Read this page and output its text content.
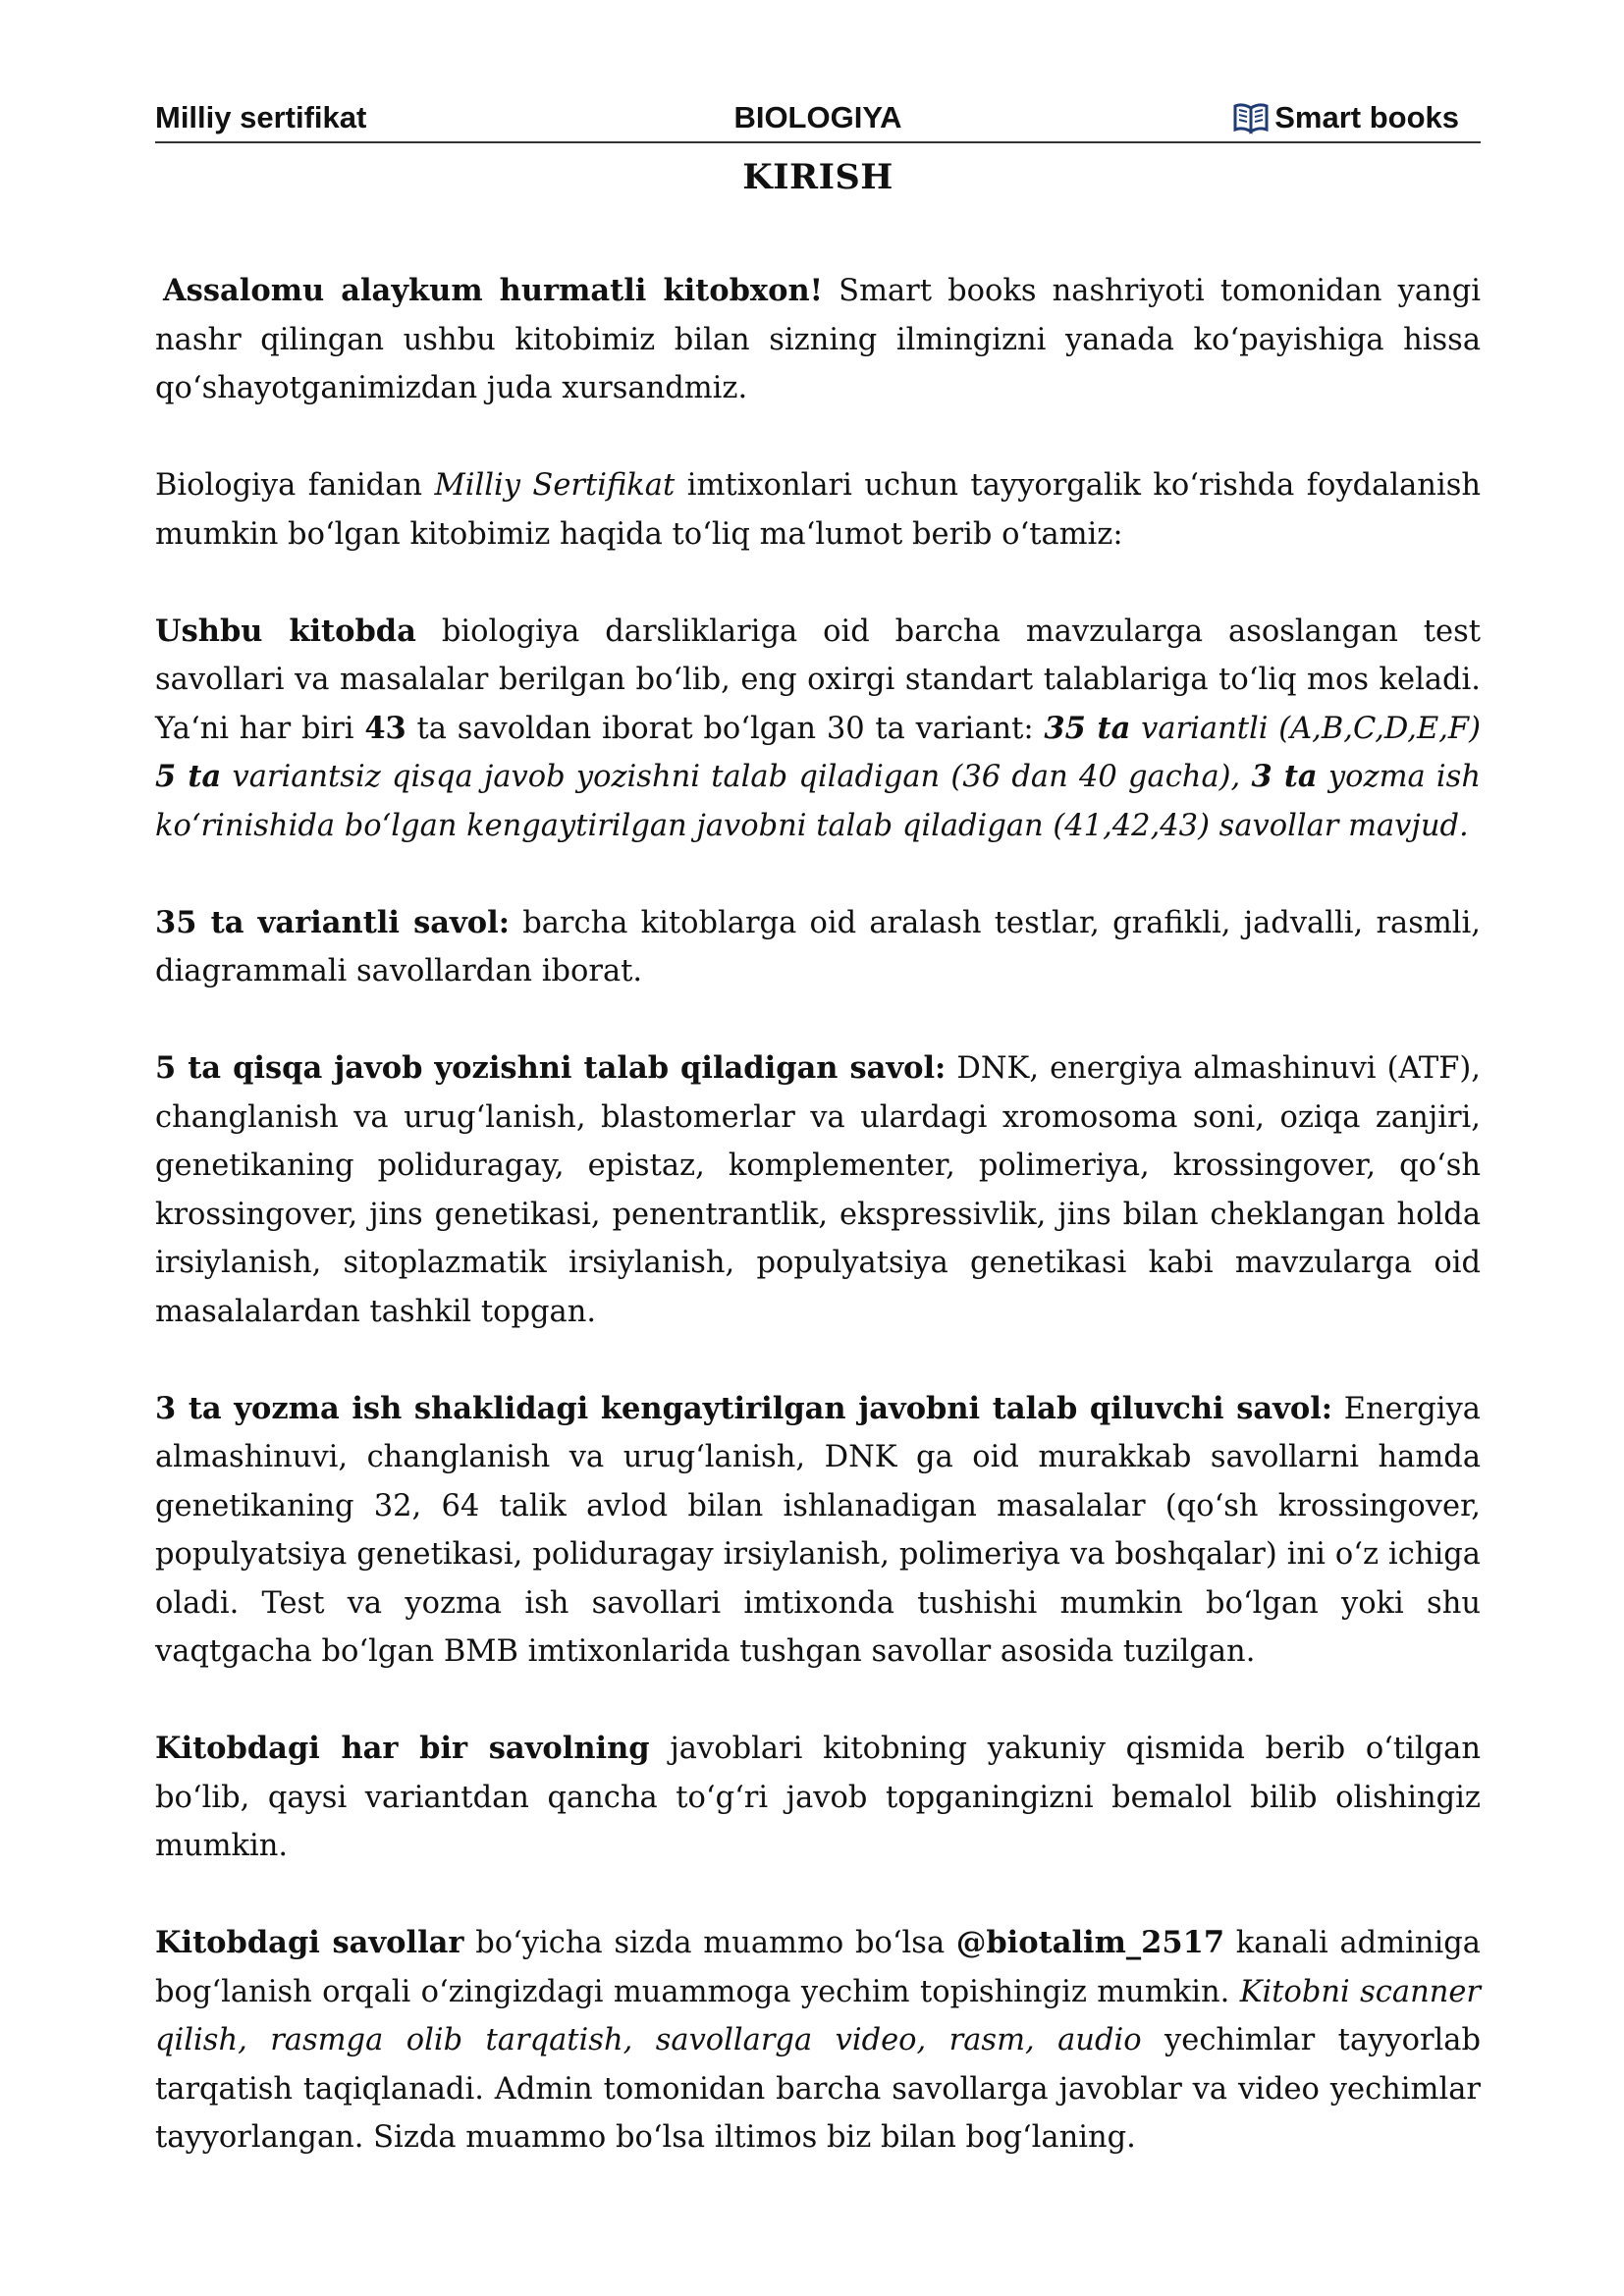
Milliy sertifikat	BIOLOGIYA	Smart books
KIRISH

Assalomu alaykum hurmatli kitobxon! Smart books nashriyoti tomonidan yangi nashr qilingan ushbu kitobimiz bilan sizning ilmingizni yanada koʻpayishiga hissa qoʻshayotganimizdan juda xursandmiz.

Biologiya fanidan Milliy Sertifikat imtixonlari uchun tayyorgalik koʻrishda foydalanish mumkin boʻlgan kitobimiz haqida toʻliq maʻlumot berib oʻtamiz:

Ushbu kitobda biologiya darsliklariga oid barcha mavzularga asoslangan test savollari va masalalar berilgan boʻlib, eng oxirgi standart talablariga toʻliq mos keladi. Yaʻni har biri 43 ta savoldan iborat boʻlgan 30 ta variant: 35 ta variantli (A,B,C,D,E,F) 5 ta variantsiz qisqa javob yozishni talab qiladigan (36 dan 40 gacha), 3 ta yozma ish koʻrinishida boʻlgan kengaytirilgan javobni talab qiladigan (41,42,43) savollar mavjud.

35 ta variantli savol: barcha kitoblarga oid aralash testlar, grafikli, jadvalli, rasmli, diagrammali savollardan iborat.

5 ta qisqa javob yozishni talab qiladigan savol: DNK, energiya almashinuvi (ATF), changlanish va urugʻlanish, blastomerlar va ulardagi xromosoma soni, oziqa zanjiri, genetikaning poliduragay, epistaz, komplementer, polimeriya, krossingover, qoʻsh krossingover, jins genetikasi, penentrantlik, ekspressivlik, jins bilan cheklangan holda irsiylanish, sitoplazmatik irsiylanish, populyatsiya genetikasi kabi mavzularga oid masalalardan tashkil topgan.

3 ta yozma ish shaklidagi kengaytirilgan javobni talab qiluvchi savol: Energiya almashinuvi, changlanish va urugʻlanish, DNK ga oid murakkab savollarni hamda genetikaning 32, 64 talik avlod bilan ishlanadigan masalalar (qoʻsh krossingover, populyatsiya genetikasi, poliduragay irsiylanish, polimeriya va boshqalar) ini oʻz ichiga oladi. Test va yozma ish savollari imtixonda tushishi mumkin boʻlgan yoki shu vaqtgacha boʻlgan BMB imtixonlarida tushgan savollar asosida tuzilgan.

Kitobdagi har bir savolning javoblari kitobning yakuniy qismida berib oʻtilgan boʻlib, qaysi variantdan qancha toʻgʻri javob topganingizni bemalol bilib olishingiz mumkin.

Kitobdagi savollar boʻyicha sizda muammo boʻlsa @biotalim_2517 kanali adminiga bogʻlanish orqali oʻzingizdagi muammoga yechim topishingiz mumkin. Kitobni scanner qilish, rasmga olib tarqatish, savollarga video, rasm, audio yechimlar tayyorlab tarqatish taqiqlanadi. Admin tomonidan barcha savollarga javoblar va video yechimlar tayyorlangan. Sizda muammo boʻlsa iltimos biz bilan bogʻlaning.
